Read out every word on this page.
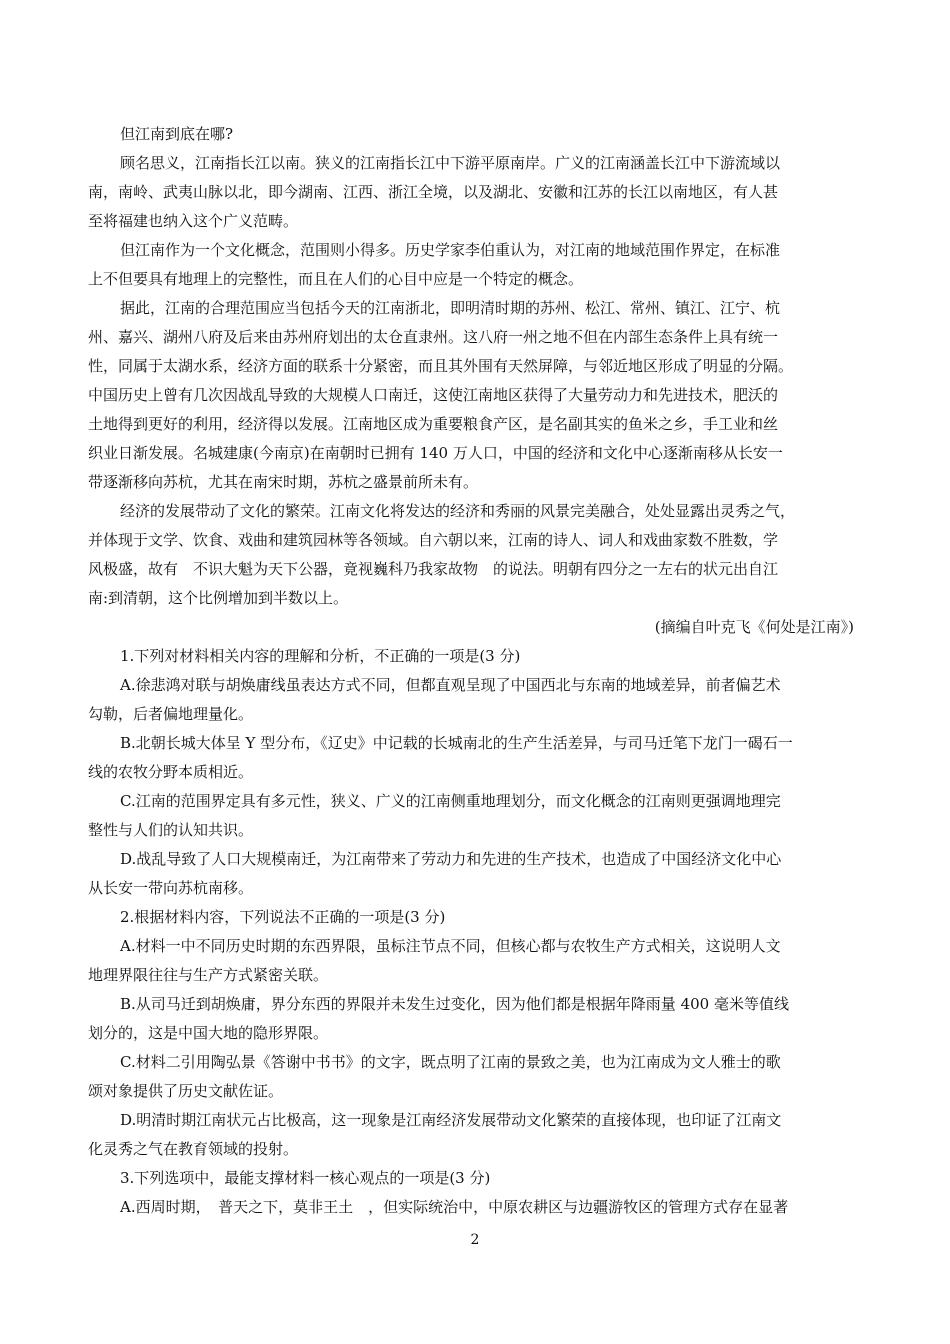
但江南到底在哪?
顾名思义，江南指长江以南。狭义的江南指长江中下游平原南岸。广义的江南涵盖长江中下游流域以
南，南岭、武夷山脉以北，即今湖南、江西、浙江全境，以及湖北、安徽和江苏的长江以南地区，有人甚
至将福建也纳入这个广义范畴。
但江南作为一个文化概念，范围则小得多。历史学家李伯重认为，对江南的地域范围作界定，在标准
上不但要具有地理上的完整性，而且在人们的心目中应是一个特定的概念。
据此，江南的合理范围应当包括今天的江南浙北，即明清时期的苏州、松江、常州、镇江、江宁、杭
州、嘉兴、湖州八府及后来由苏州府划出的太仓直隶州。这八府一州之地不但在内部生态条件上具有统一
性，同属于太湖水系，经济方面的联系十分紧密，而且其外围有天然屏障，与邻近地区形成了明显的分隔。
中国历史上曾有几次因战乱导致的大规模人口南迁，这使江南地区获得了大量劳动力和先进技术，肥沃的
土地得到更好的利用，经济得以发展。江南地区成为重要粮食产区，是名副其实的鱼米之乡，手工业和丝
织业日渐发展。名城建康(今南京)在南朝时已拥有 140 万人口，中国的经济和文化中心逐渐南移从长安一
带逐渐移向苏杭，尤其在南宋时期，苏杭之盛景前所未有。
经济的发展带动了文化的繁荣。江南文化将发达的经济和秀丽的风景完美融合，处处显露出灵秀之气，
并体现于文学、饮食、戏曲和建筑园林等各领域。自六朝以来，江南的诗人、词人和戏曲家数不胜数，学
风极盛，故有　不识大魁为天下公器，竟视巍科乃我家故物　的说法。明朝有四分之一左右的状元出自江
南:到清朝，这个比例增加到半数以上。
(摘编自叶克飞《何处是江南》)
1.下列对材料相关内容的理解和分析，不正确的一项是(3 分)
A.徐悲鸿对联与胡焕庸线虽表达方式不同，但都直观呈现了中国西北与东南的地域差异，前者偏艺术
勾勒，后者偏地理量化。
B.北朝长城大体呈 Y 型分布，《辽史》中记载的长城南北的生产生活差异，与司马迁笔下龙门一碣石一
线的农牧分野本质相近。
C.江南的范围界定具有多元性，狭义、广义的江南侧重地理划分，而文化概念的江南则更强调地理完
整性与人们的认知共识。
D.战乱导致了人口大规模南迁，为江南带来了劳动力和先进的生产技术，也造成了中国经济文化中心
从长安一带向苏杭南移。
2.根据材料内容，下列说法不正确的一项是(3 分)
A.材料一中不同历史时期的东西界限，虽标注节点不同，但核心都与农牧生产方式相关，这说明人文
地理界限往往与生产方式紧密关联。
B.从司马迁到胡焕庸，界分东西的界限并未发生过变化，因为他们都是根据年降雨量 400 毫米等值线
划分的，这是中国大地的隐形界限。
C.材料二引用陶弘景《答谢中书书》的文字，既点明了江南的景致之美，也为江南成为文人雅士的歌
颂对象提供了历史文献佐证。
D.明清时期江南状元占比极高，这一现象是江南经济发展带动文化繁荣的直接体现，也印证了江南文
化灵秀之气在教育领域的投射。
3.下列选项中，最能支撑材料一核心观点的一项是(3 分)
A.西周时期，　普天之下，莫非王土　，但实际统治中，中原农耕区与边疆游牧区的管理方式存在显著
2
